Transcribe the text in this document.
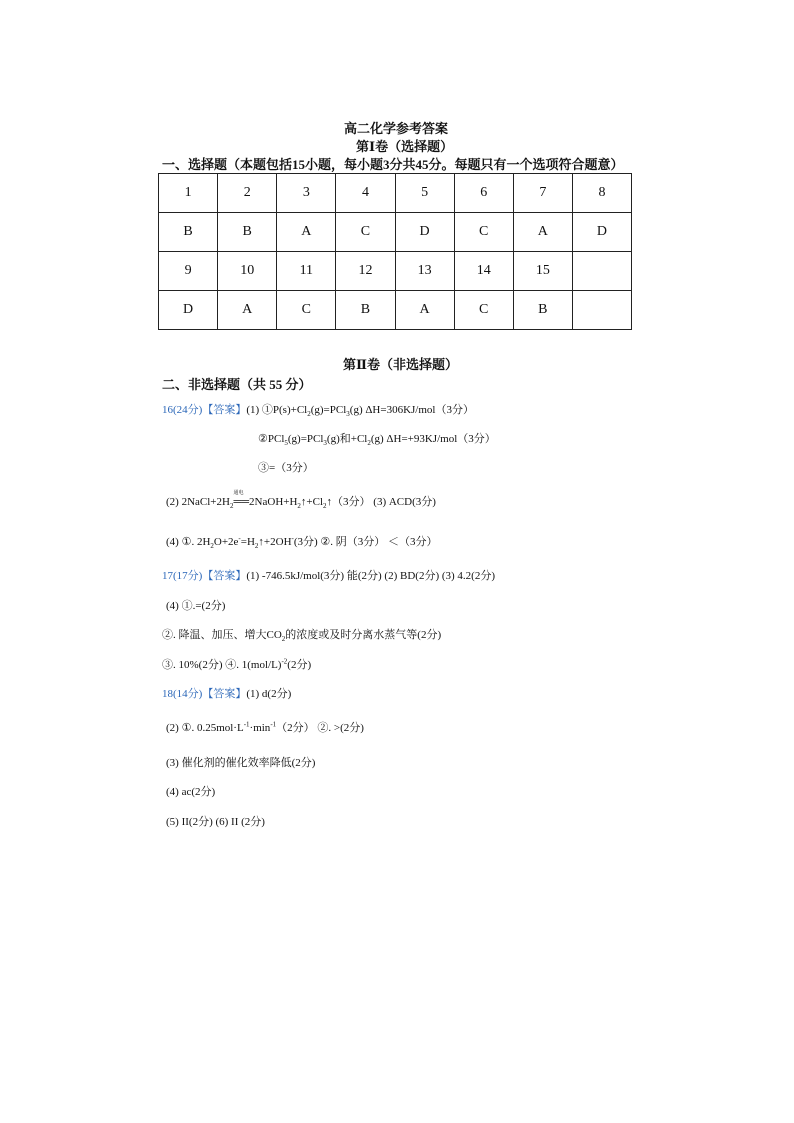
高二化学参考答案
第Ⅰ卷（选择题）
一、选择题（本题包括15小题，每小题3分共45分。每题只有一个选项符合题意）
1	2	3	4	5	6	7	8
B	B	A	C	D	C	A	D
9	10	11	12	13	14	15	
D	A	C	B	A	C	B	
第Ⅱ卷（非选择题）
二、非选择题（共 55 分）
16(24分)【答案】(1) $①P(s)+Cl_2(g)=PCl_3(g)$ ΔH=306KJ/mol（3分）
②PCl$_5$(g)=PCl$_3$(g)和$+Cl_2(g)$ ΔH=+93KJ/mol（3分）
③=（3分）
(2) $2NaCl+2H_2$
通电
$══2NaOH+H_2↑+Cl_2↑(3$分） (3) ACD(3分)
(4) ①. $2H_2O+2e^-=H_2↑+2OH^-(3$分) ②. 阴（3分） ＜（3分）
17(17分)【答案】(1) -746.5kJ/mol(3分) 能(2分) (2) BD(2分) (3) 4.2(2分)
(4) ①.=(2分)
②. 降温、加压、增大$CO_2$的浓度或及时分离水蒸气等(2分)
③. 10%(2分) ④. $1(mol/L)^{-2}(2$分)
18(14分)【答案】(1) d(2分)
(2) ①. $0.25mol\cdot L^{-1}\cdot\min^{-1}(2$分） ②. >(2分)
(3) 催化剂的催化效率降低(2分)
(4) ac(2分)
(5) II(2分) (6) II (2分)
